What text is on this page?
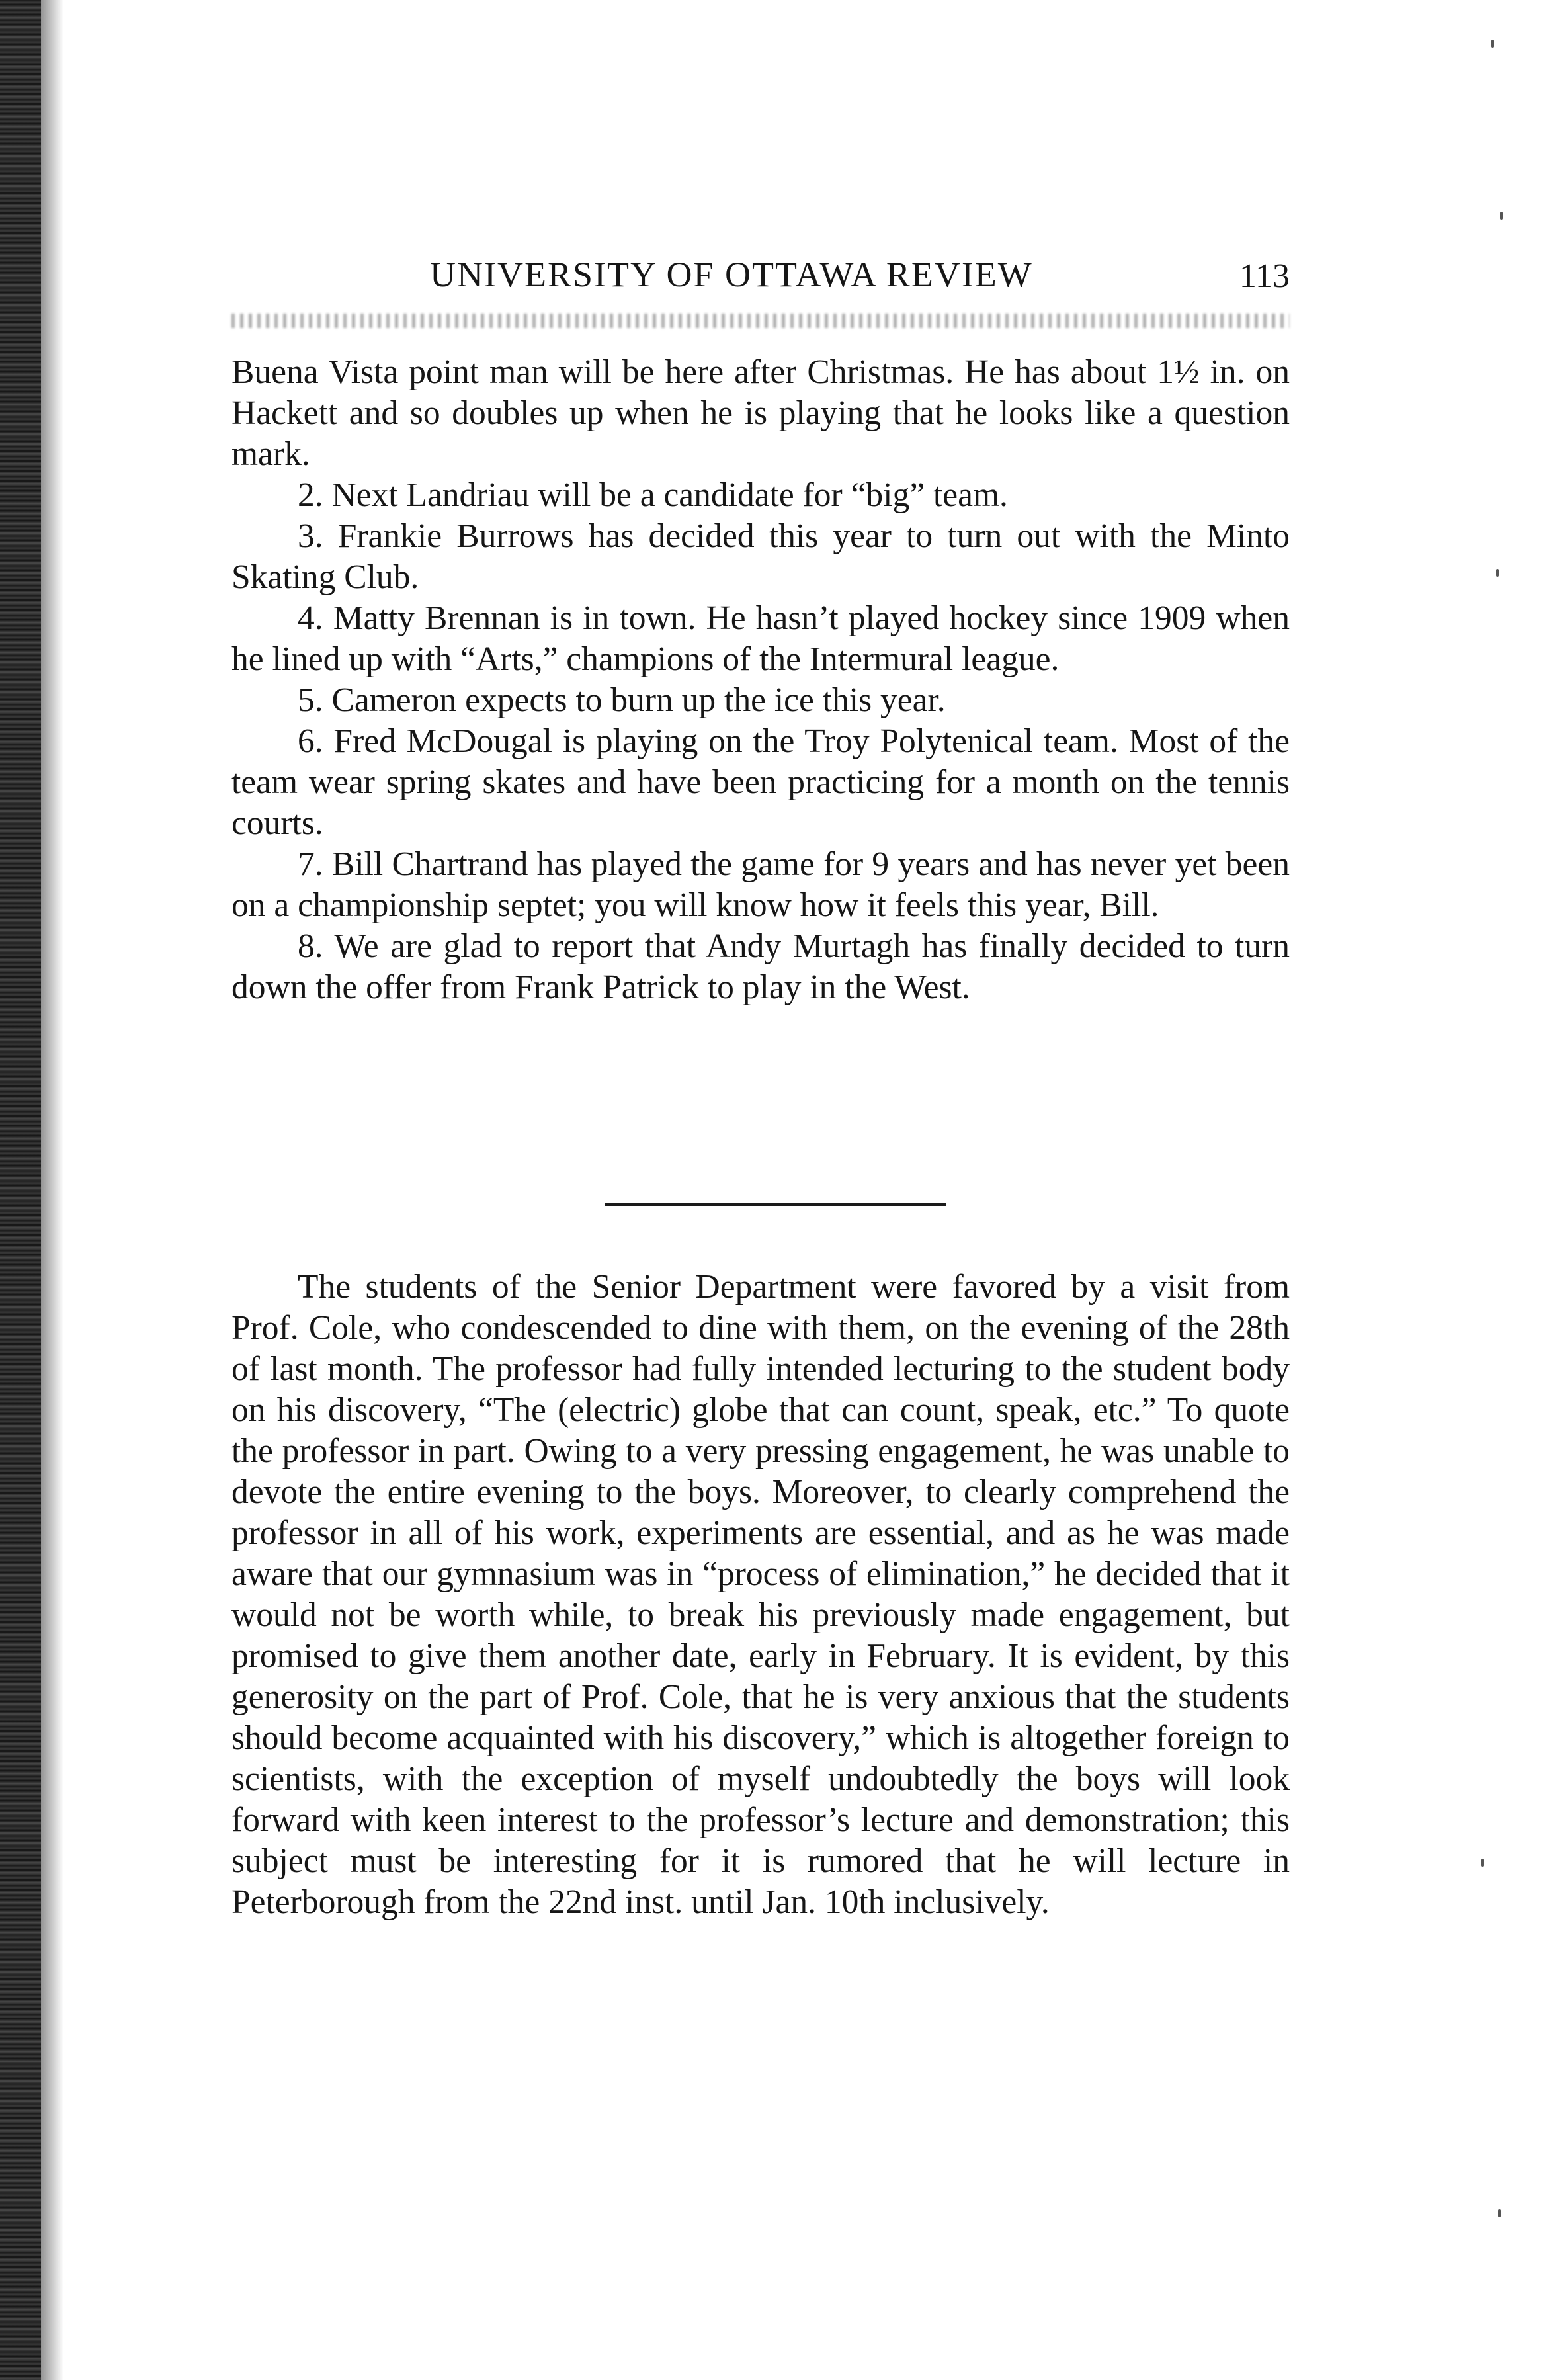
UNIVERSITY OF OTTAWA REVIEW	113

Buena Vista point man will be here after Christmas. He has about 1½ in. on Hackett and so doubles up when he is playing that he looks like a question mark.

2. Next Landriau will be a candidate for “big” team.

3. Frankie Burrows has decided this year to turn out with the Minto Skating Club.

4. Matty Brennan is in town. He hasn’t played hockey since 1909 when he lined up with “Arts,” champions of the Intermural league.

5. Cameron expects to burn up the ice this year.

6. Fred McDougal is playing on the Troy Polytenical team. Most of the team wear spring skates and have been practicing for a month on the tennis courts.

7. Bill Chartrand has played the game for 9 years and has never yet been on a championship septet; you will know how it feels this year, Bill.

8. We are glad to report that Andy Murtagh has finally decided to turn down the offer from Frank Patrick to play in the West.

The students of the Senior Department were favored by a visit from Prof. Cole, who condescended to dine with them, on the evening of the 28th of last month. The professor had fully intended lecturing to the student body on his discovery, “The (electric) globe that can count, speak, etc.” To quote the professor in part. Owing to a very pressing engagement, he was unable to devote the entire evening to the boys. Moreover, to clearly comprehend the professor in all of his work, experiments are essential, and as he was made aware that our gymnasium was in “process of elimination,” he decided that it would not be worth while, to break his previously made engagement, but promised to give them another date, early in February. It is evident, by this generosity on the part of Prof. Cole, that he is very anxious that the students should become acquainted with his discovery,” which is altogether foreign to scientists, with the exception of myself undoubtedly the boys will look forward with keen interest to the professor’s lecture and demonstration; this subject must be interesting for it is rumored that he will lecture in Peterborough from the 22nd inst. until Jan. 10th inclusively.
